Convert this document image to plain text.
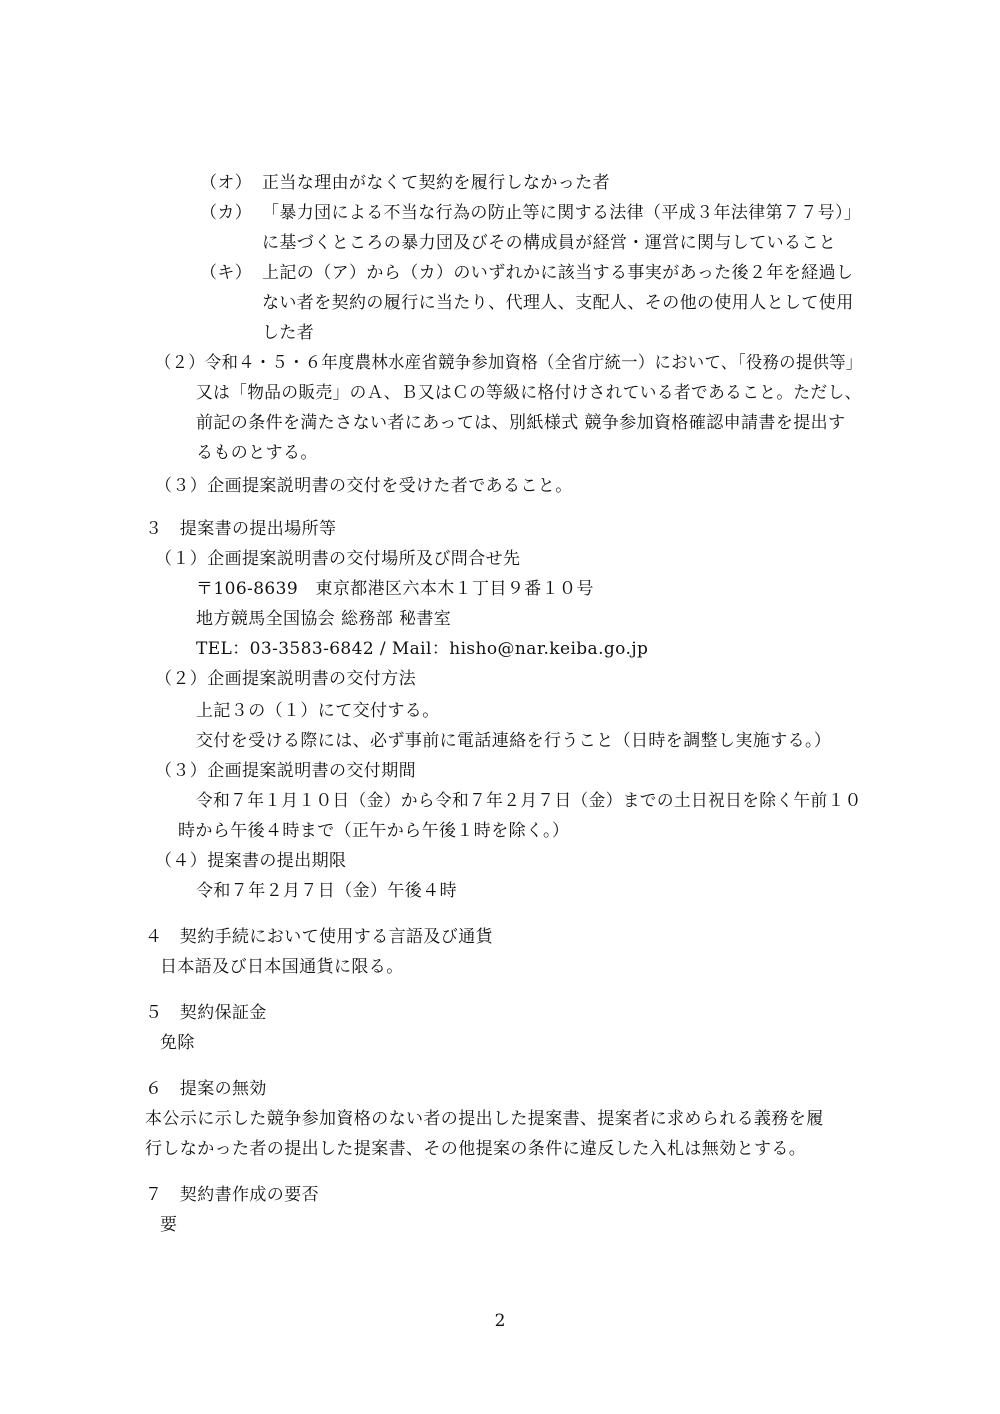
（オ） 正当な理由がなくて契約を履行しなかった者
（カ） 「暴力団による不当な行為の防止等に関する法律（平成３年法律第７７号）」
に基づくところの暴力団及びその構成員が経営・運営に関与していること
（キ） 上記の（ア）から（カ）のいずれかに該当する事実があった後２年を経過し
ない者を契約の履行に当たり、代理人、支配人、その他の使用人として使用
した者
（２）令和４・５・６年度農林水産省競争参加資格（全省庁統一）において、「役務の提供等」
又は「物品の販売」のＡ、Ｂ又はＣの等級に格付けされている者であること。ただし、
前記の条件を満たさない者にあっては、別紙様式 競争参加資格確認申請書を提出す
るものとする。
（３）企画提案説明書の交付を受けた者であること。
３　提案書の提出場所等
（１）企画提案説明書の交付場所及び問合せ先
〒106-8639　東京都港区六本木１丁目９番１０号
地方競馬全国協会 総務部 秘書室
TEL：03-3583-6842 / Mail：hisho@nar.keiba.go.jp
（２）企画提案説明書の交付方法
上記３の（１）にて交付する。
交付を受ける際には、必ず事前に電話連絡を行うこと（日時を調整し実施する。）
（３）企画提案説明書の交付期間
令和７年１月１０日（金）から令和７年２月７日（金）までの土日祝日を除く午前１０
時から午後４時まで（正午から午後１時を除く。）
（４）提案書の提出期限
令和７年２月７日（金）午後４時
４　契約手続において使用する言語及び通貨
日本語及び日本国通貨に限る。
５　契約保証金
免除
６　提案の無効
本公示に示した競争参加資格のない者の提出した提案書、提案者に求められる義務を履
行しなかった者の提出した提案書、その他提案の条件に違反した入札は無効とする。
７　契約書作成の要否
要
2
